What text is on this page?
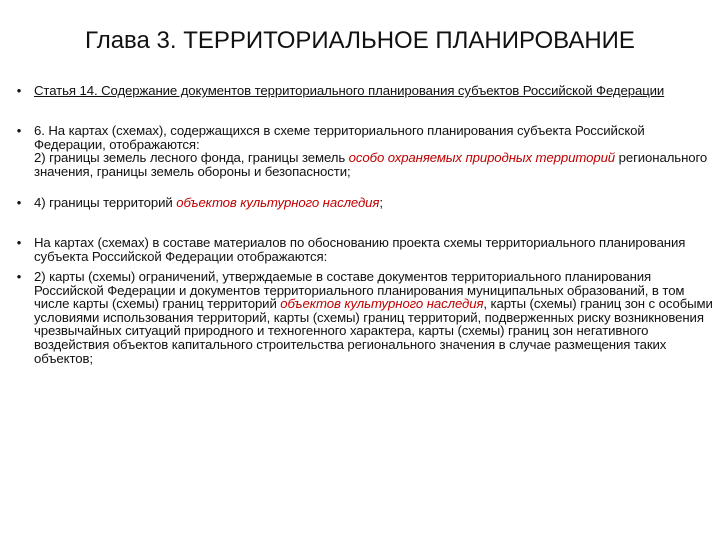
Глава 3. ТЕРРИТОРИАЛЬНОЕ ПЛАНИРОВАНИЕ
• Статья 14. Содержание документов территориального планирования субъектов Российской Федерации

• 6. На картах (схемах), содержащихся в схеме территориального планирования субъекта Российской Федерации, отображаются:

2) границы земель лесного фонда, границы земель особо охраняемых природных территорий регионального значения, границы земель обороны и безопасности;

• 4) границы территорий объектов культурного наследия;

• На картах (схемах) в составе материалов по обоснованию проекта схемы территориального планирования субъекта Российской Федерации отображаются:

• 2) карты (схемы) ограничений, утверждаемые в составе документов территориального планирования Российской Федерации и документов территориального планирования муниципальных образований, в том числе карты (схемы) границ территорий объектов культурного наследия, карты (схемы) границ зон с особыми условиями использования территорий, карты (схемы) границ территорий, подверженных риску возникновения чрезвычайных ситуаций природного и техногенного характера, карты (схемы) границ зон негативного воздействия объектов капитального строительства регионального значения в случае размещения таких объектов;
